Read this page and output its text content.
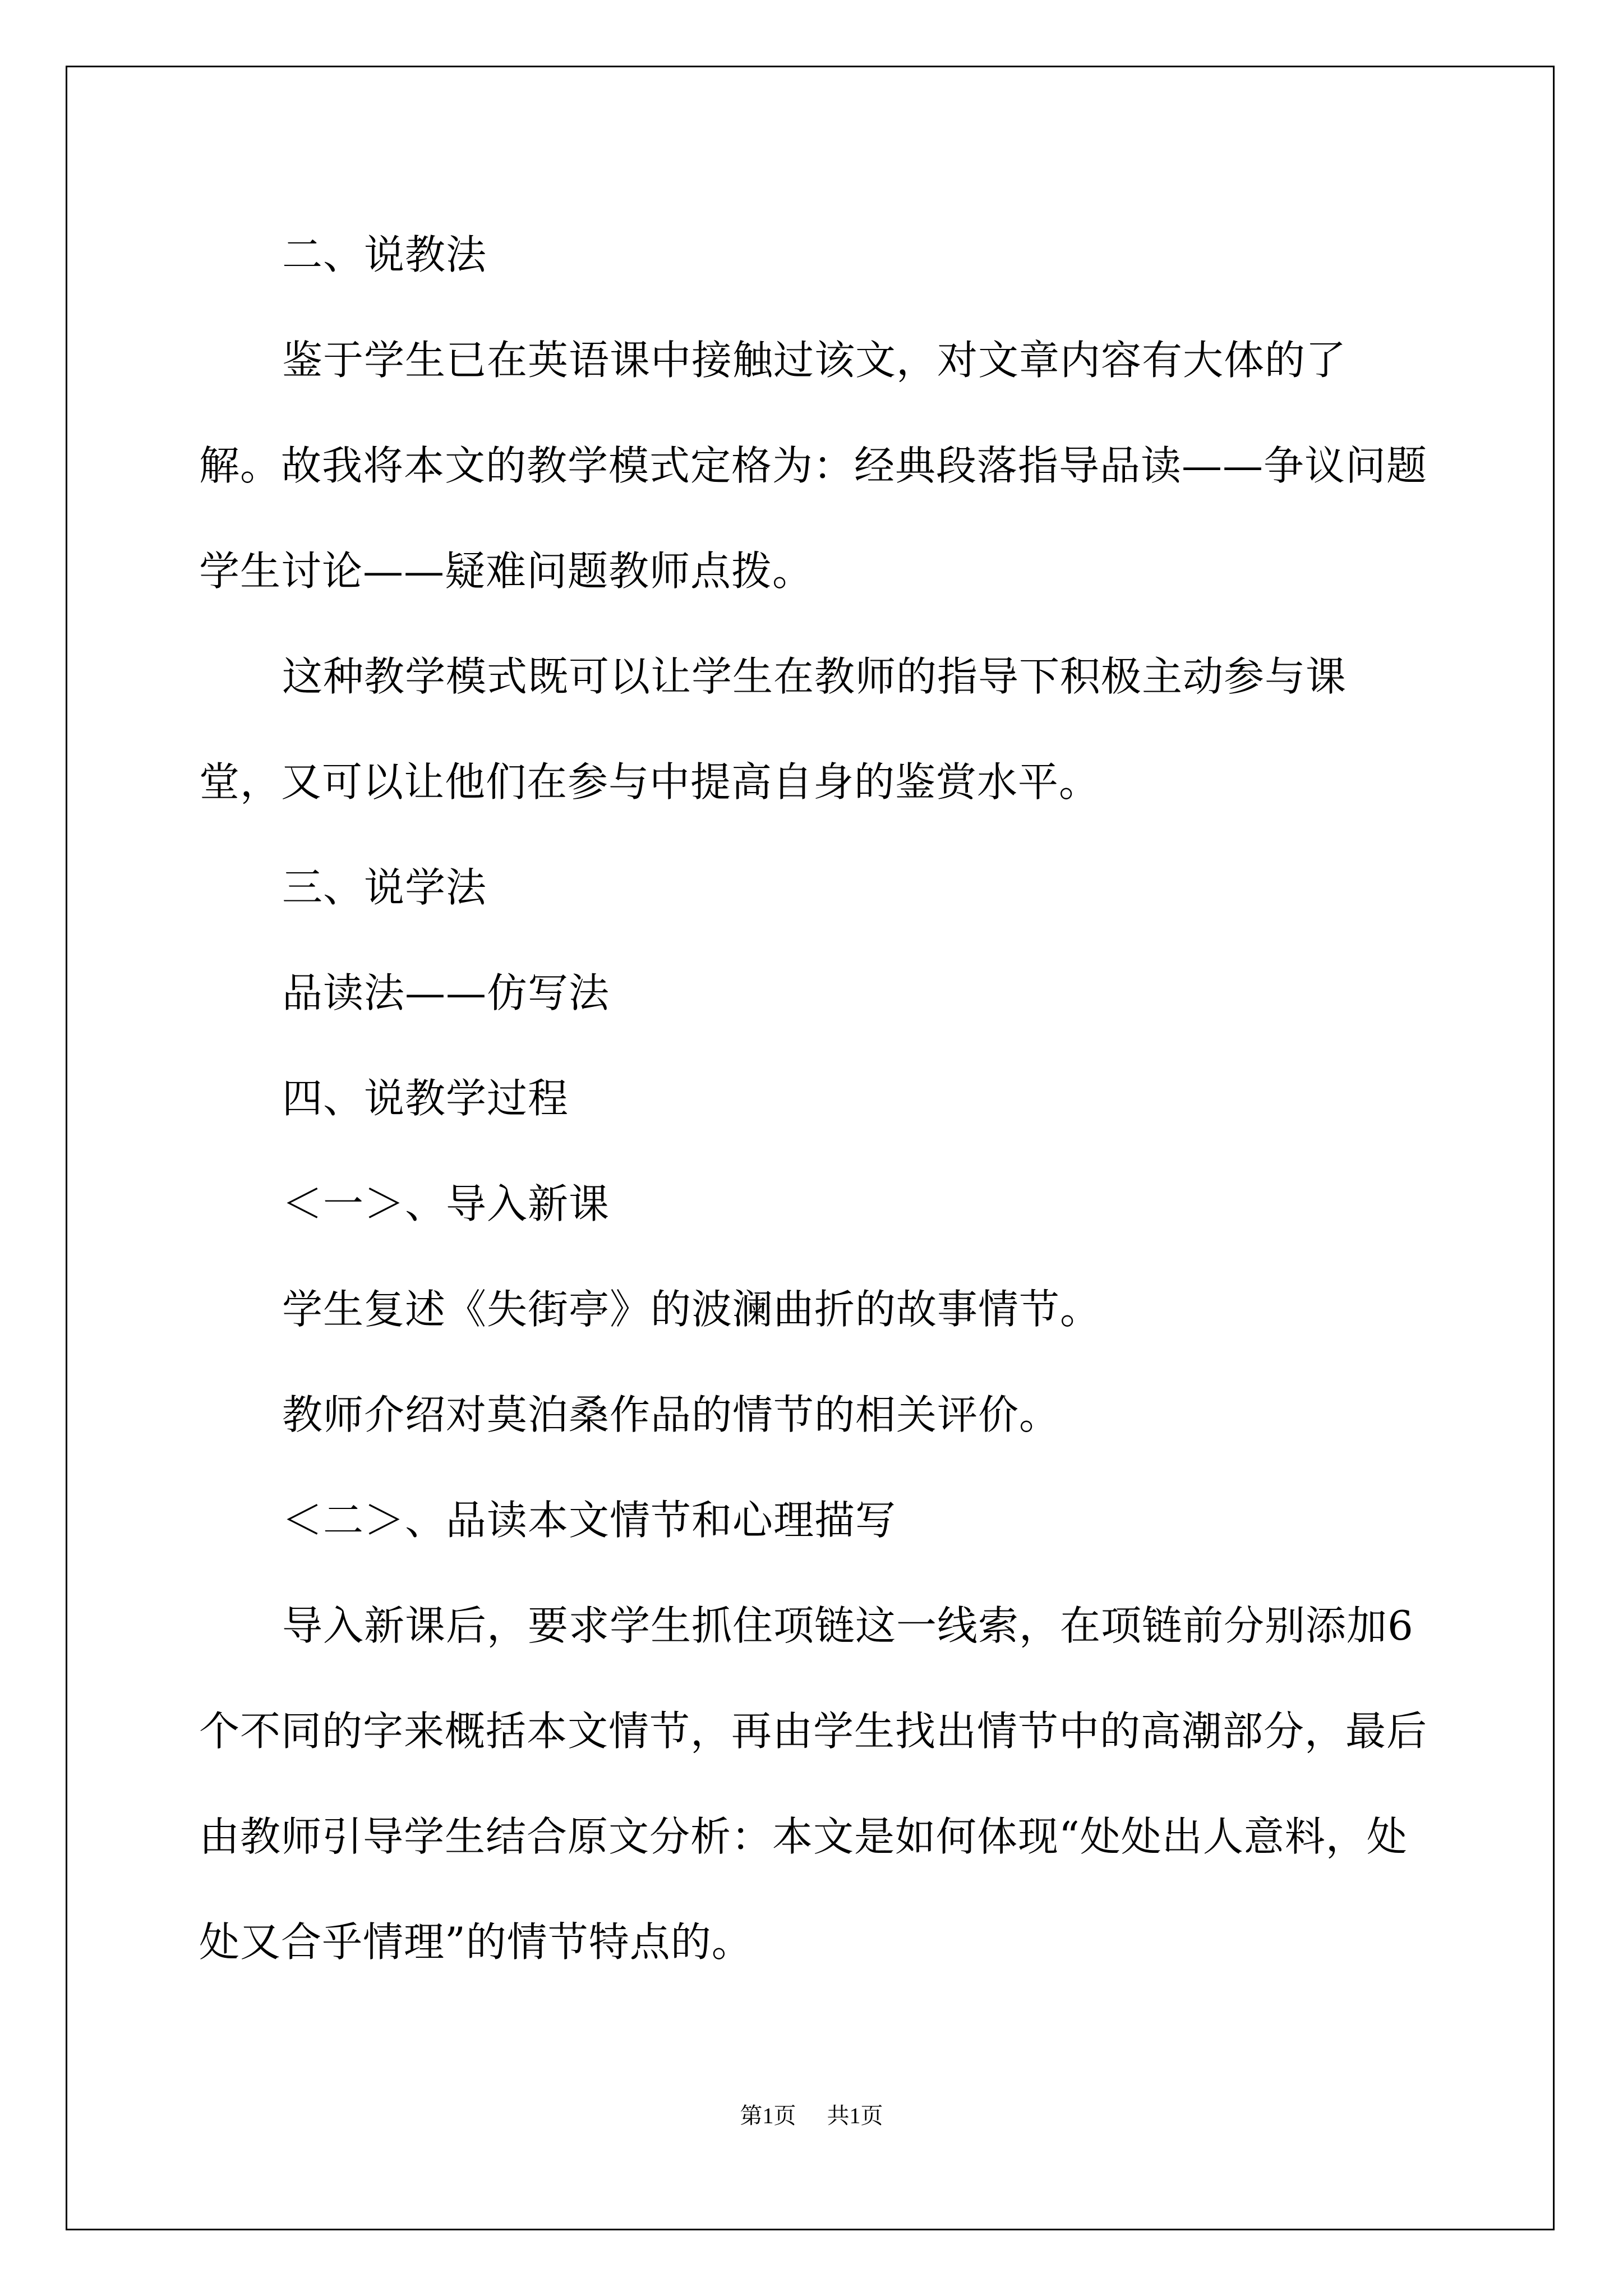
二、说教法

鉴于学生已在英语课中接触过该文，对文章内容有大体的了解。故我将本文的教学模式定格为：经典段落指导品读——争议问题学生讨论——疑难问题教师点拨。

这种教学模式既可以让学生在教师的指导下积极主动参与课堂，又可以让他们在参与中提高自身的鉴赏水平。

三、说学法

品读法——仿写法

四、说教学过程

＜一＞、导入新课

学生复述《失街亭》的波澜曲折的故事情节。

教师介绍对莫泊桑作品的情节的相关评价。

＜二＞、品读本文情节和心理描写

导入新课后，要求学生抓住项链这一线索，在项链前分别添加6个不同的字来概括本文情节，再由学生找出情节中的高潮部分，最后由教师引导学生结合原文分析：本文是如何体现“处处出人意料，处处又合乎情理”的情节特点的。

第1页 共1页
